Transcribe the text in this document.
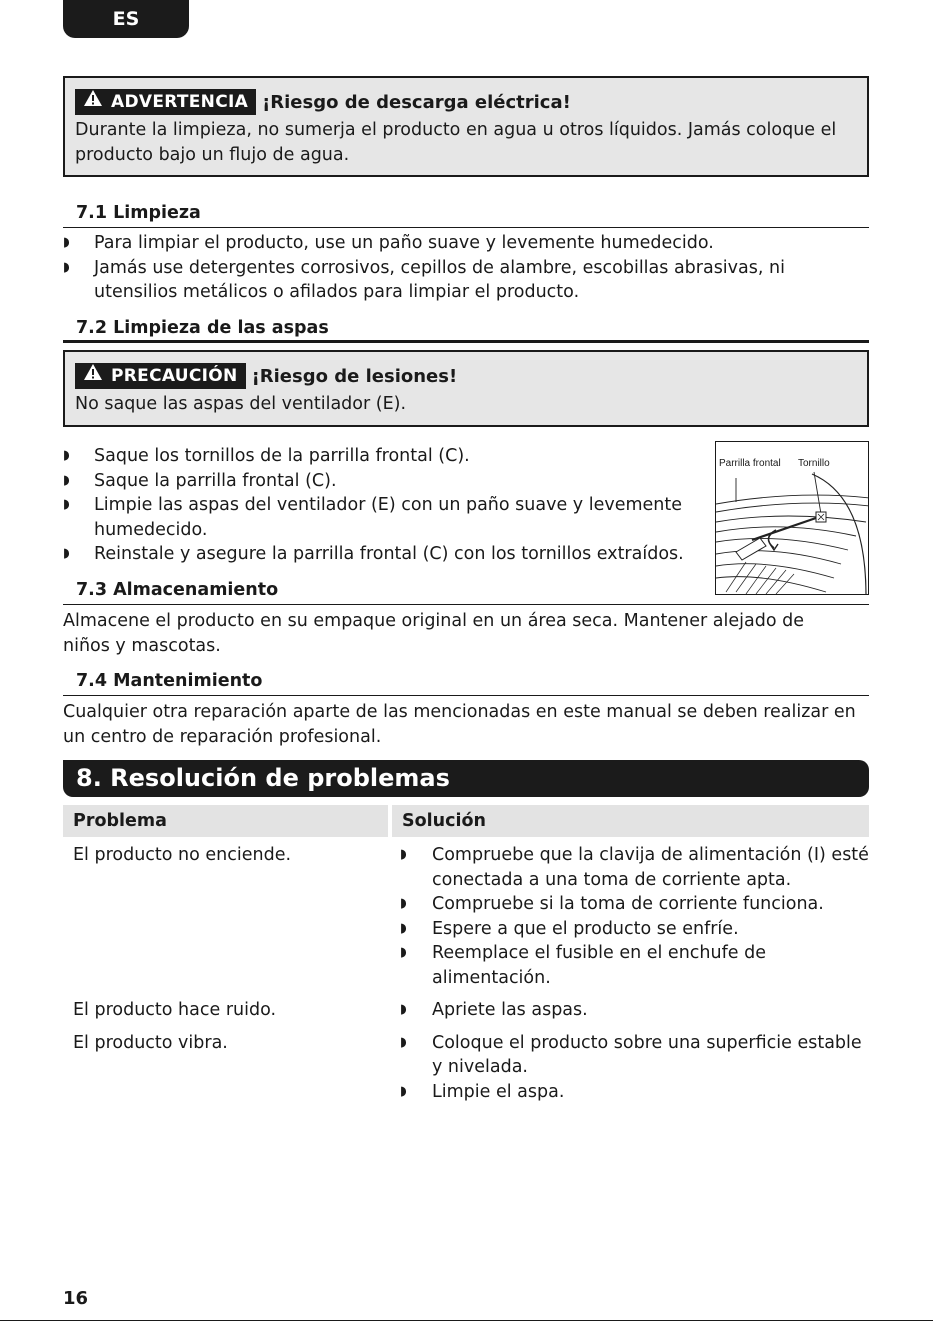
ES
ADVERTENCIA ¡Riesgo de descarga eléctrica!
Durante la limpieza, no sumerja el producto en agua u otros líquidos. Jamás coloque el producto bajo un flujo de agua.
7.1 Limpieza
◗ Para limpiar el producto, use un paño suave y levemente humedecido.
◗ Jamás use detergentes corrosivos, cepillos de alambre, escobillas abrasivas, ni utensilios metálicos o afilados para limpiar el producto.
7.2 Limpieza de las aspas
PRECAUCIÓN ¡Riesgo de lesiones!
No saque las aspas del ventilador (E).
◗ Saque los tornillos de la parrilla frontal (C).
◗ Saque la parrilla frontal (C).
◗ Limpie las aspas del ventilador (E) con un paño suave y levemente humedecido.
◗ Reinstale y asegure la parrilla frontal (C) con los tornillos extraídos.
Parrilla frontal Tornillo
7.3 Almacenamiento
Almacene el producto en su empaque original en un área seca. Mantener alejado de niños y mascotas.
7.4 Mantenimiento
Cualquier otra reparación aparte de las mencionadas en este manual se deben realizar en un centro de reparación profesional.
8. Resolución de problemas
Problema	Solución
El producto no enciende.	◗ Compruebe que la clavija de alimentación (I) esté conectada a una toma de corriente apta.
◗ Compruebe si la toma de corriente funciona.
◗ Espere a que el producto se enfríe.
◗ Reemplace el fusible en el enchufe de alimentación.
El producto hace ruido.	◗ Apriete las aspas.
El producto vibra.	◗ Coloque el producto sobre una superficie estable y nivelada.
◗ Limpie el aspa.
16
